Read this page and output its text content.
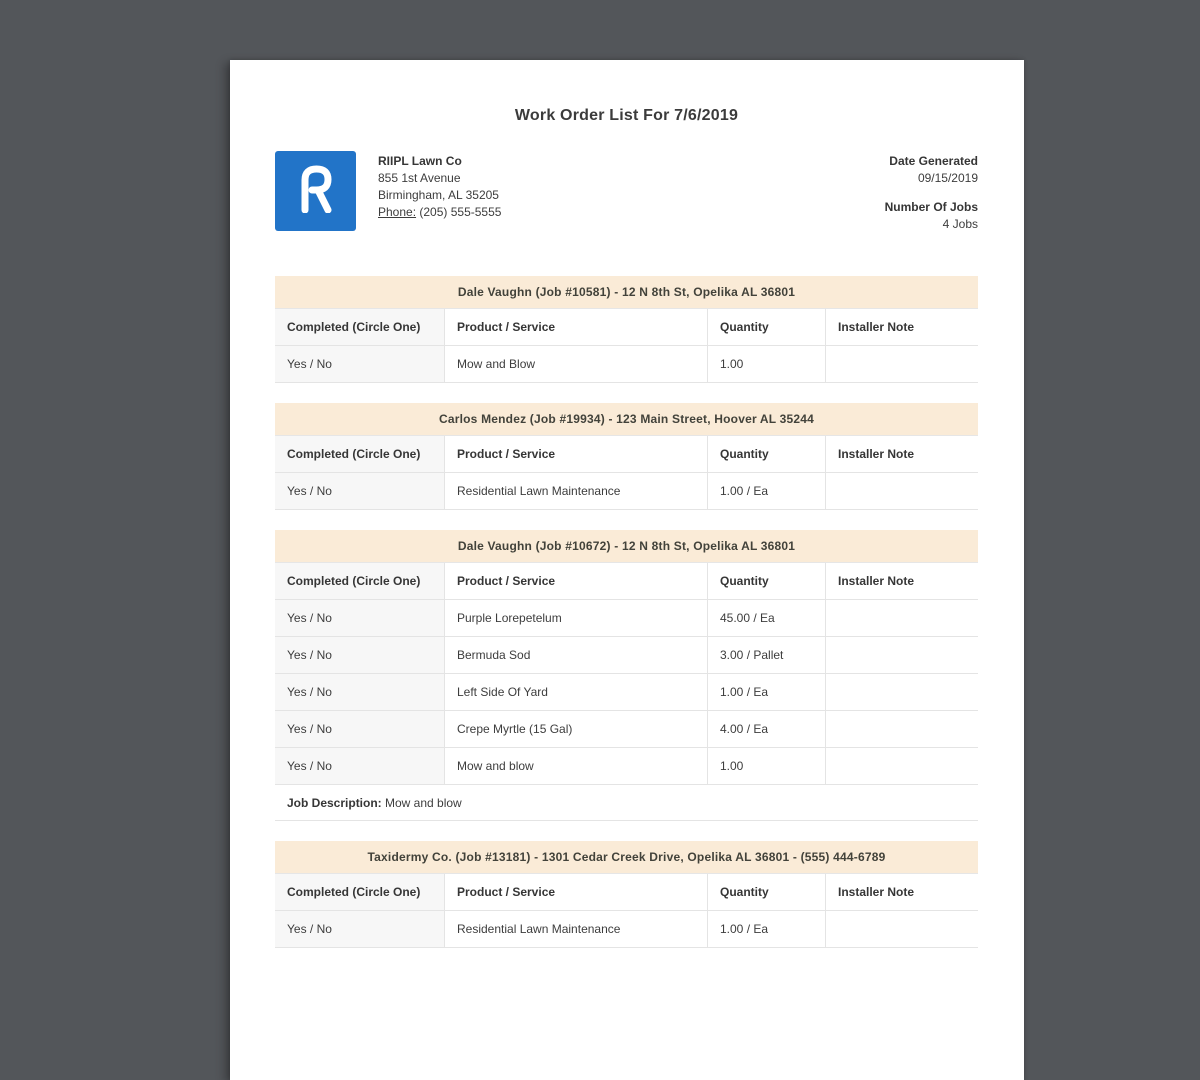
Work Order List For 7/6/2019
RIIPL Lawn Co
855 1st Avenue
Birmingham, AL 35205
Phone: (205) 555-5555
Date Generated
09/15/2019
Number Of Jobs
4 Jobs
Dale Vaughn (Job #10581) - 12 N 8th St, Opelika AL 36801
Completed (Circle One)	Product / Service	Quantity	Installer Note
Yes / No	Mow and Blow	1.00
Carlos Mendez (Job #19934) - 123 Main Street, Hoover AL 35244
Completed (Circle One)	Product / Service	Quantity	Installer Note
Yes / No	Residential Lawn Maintenance	1.00 / Ea
Dale Vaughn (Job #10672) - 12 N 8th St, Opelika AL 36801
Completed (Circle One)	Product / Service	Quantity	Installer Note
Yes / No	Purple Lorepetelum	45.00 / Ea
Yes / No	Bermuda Sod	3.00 / Pallet
Yes / No	Left Side Of Yard	1.00 / Ea
Yes / No	Crepe Myrtle (15 Gal)	4.00 / Ea
Yes / No	Mow and blow	1.00
Job Description: Mow and blow
Taxidermy Co. (Job #13181) - 1301 Cedar Creek Drive, Opelika AL 36801 - (555) 444-6789
Completed (Circle One)	Product / Service	Quantity	Installer Note
Yes / No	Residential Lawn Maintenance	1.00 / Ea
